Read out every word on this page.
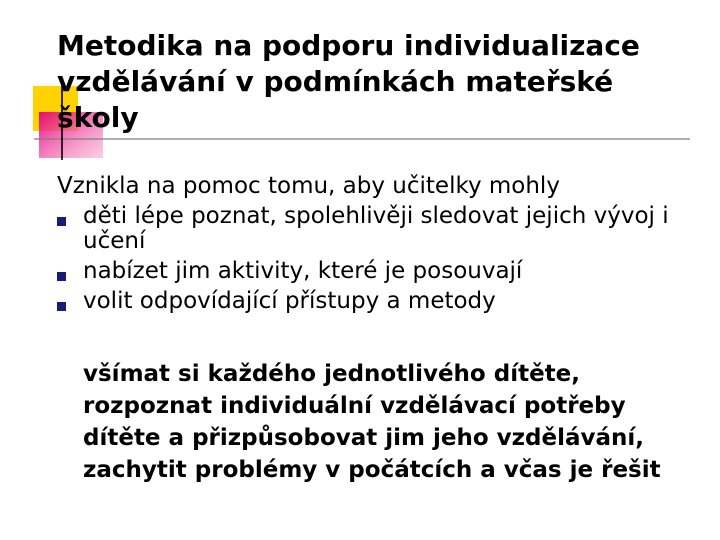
Metodika na podporu individualizace vzdělávání v podmínkách mateřské školy

Vznikla na pomoc tomu, aby učitelky mohly

děti lépe poznat, spolehlivěji sledovat jejich vývoj i učení
nabízet jim aktivity, které je posouvají
volit odpovídající přístupy a metody

všímat si každého jednotlivého dítěte, rozpoznat individuální vzdělávací potřeby dítěte a přizpůsobovat jim jeho vzdělávání, zachytit problémy v počátcích a včas je řešit
